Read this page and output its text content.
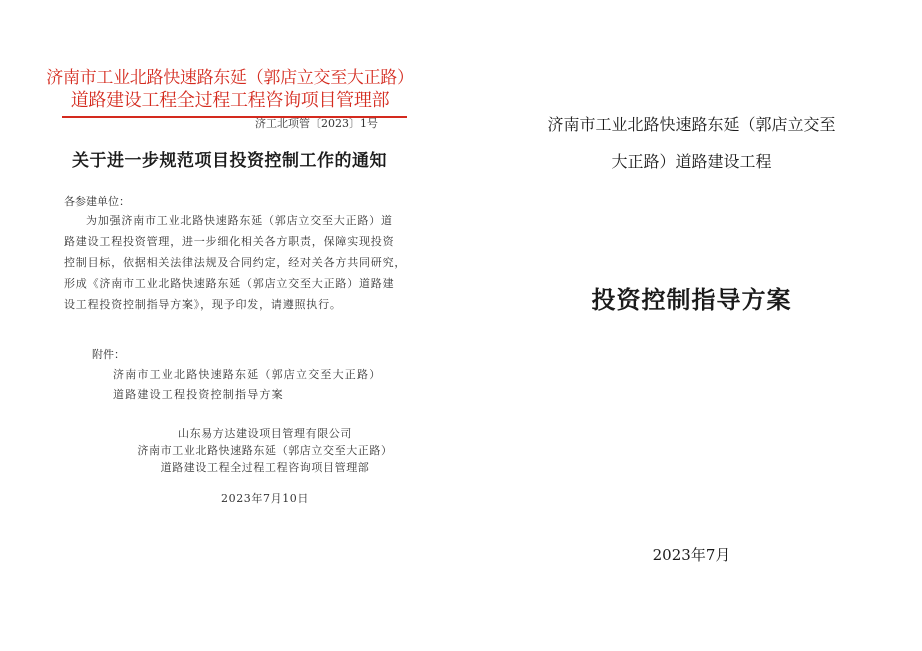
济南市工业北路快速路东延（郭店立交至大正路）
道路建设工程全过程工程咨询项目管理部
济工北项管〔2023〕1号
关于进一步规范项目投资控制工作的通知
各参建单位：
为加强济南市工业北路快速路东延（郭店立交至大正路）道
路建设工程投资管理，进一步细化相关各方职责，保障实现投资
控制目标，依据相关法律法规及合同约定，经对关各方共同研究，
形成《济南市工业北路快速路东延（郭店立交至大正路）道路建
设工程投资控制指导方案》，现予印发，请遵照执行。
附件：
济南市工业北路快速路东延（郭店立交至大正路）
道路建设工程投资控制指导方案
山东易方达建设项目管理有限公司
济南市工业北路快速路东延（郭店立交至大正路）
道路建设工程全过程工程咨询项目管理部
2023年7月10日
济南市工业北路快速路东延（郭店立交至
大正路）道路建设工程
投资控制指导方案
2023年7月
